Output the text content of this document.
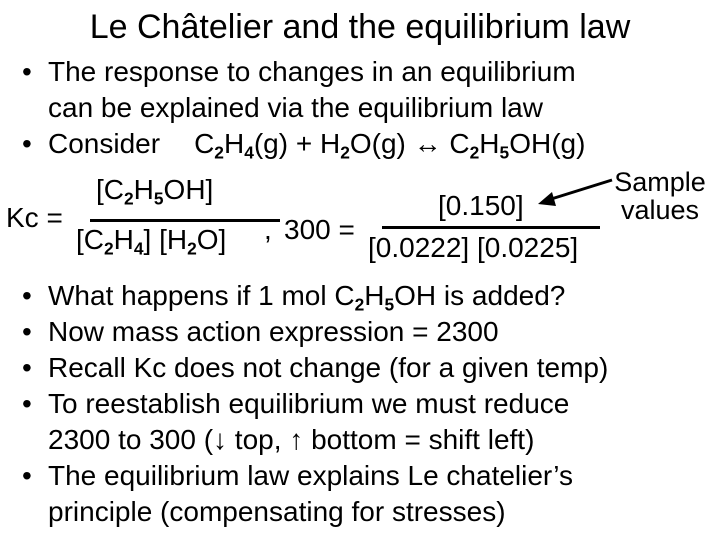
Le Châtelier and the equilibrium law
• The response to changes in an equilibrium
can be explained via the equilibrium law
• Consider $C_2H_4(g) + H_2O(g)$ ↔ $C_2H_5OH(g)$
Kc =
$[C_2H_5OH]$
$[C_2H_4]$ $[H_2O]$ , 300 =
[0.150]
[0.0222] [0.0225]
Sample
values
• What happens if 1 mol $C_2H_5OH$ is added?
• Now mass action expression = 2300
• Recall Kc does not change (for a given temp)
• To reestablish equilibrium we must reduce
2300 to 300 (↓ top, ↑ bottom = shift left)
• The equilibrium law explains Le chatelier’s
principle (compensating for stresses)
